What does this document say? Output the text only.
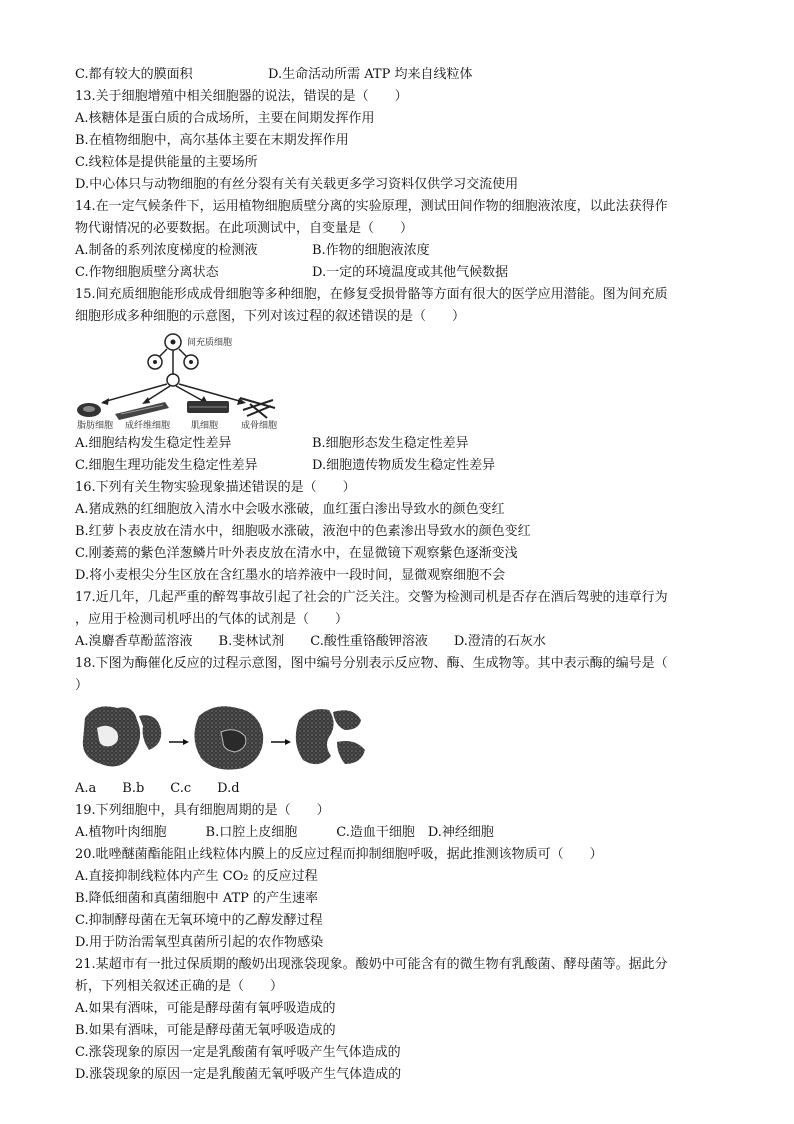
C.都有较大的膜面积	D.生命活动所需 ATP 均来自线粒体
13.关于细胞增殖中相关细胞器的说法，错误的是（　　）
A.核糖体是蛋白质的合成场所，主要在间期发挥作用
B.在植物细胞中，高尔基体主要在末期发挥作用
C.线粒体是提供能量的主要场所
D.中心体只与动物细胞的有丝分裂有关有关载更多学习资料仅供学习交流使用
14.在一定气候条件下，运用植物细胞质壁分离的实验原理，测试田间作物的细胞液浓度，以此法获得作
物代谢情况的必要数据。在此项测试中，自变量是（　　）
A.制备的系列浓度梯度的检测液	B.作物的细胞液浓度
C.作物细胞质壁分离状态	D.一定的环境温度或其他气候数据
15.间充质细胞能形成成骨细胞等多种细胞，在修复受损骨骼等方面有很大的医学应用潜能。图为间充质
细胞形成多种细胞的示意图，下列对该过程的叙述错误的是（　　）
间充质细胞
脂肪细胞 成纤维细胞 肌细胞	成骨细胞
A.细胞结构发生稳定性差异	B.细胞形态发生稳定性差异
C.细胞生理功能发生稳定性差异	D.细胞遗传物质发生稳定性差异
16.下列有关生物实验现象描述错误的是（　　）
A.猪成熟的红细胞放入清水中会吸水涨破，血红蛋白渗出导致水的颜色变红
B.红萝卜表皮放在清水中，细胞吸水涨破，液泡中的色素渗出导致水的颜色变红
C.刚萎蔫的紫色洋葱鳞片叶外表皮放在清水中，在显微镜下观察紫色逐渐变浅
D.将小麦根尖分生区放在含红墨水的培养液中一段时间，显微观察细胞不会
17.近几年，几起严重的醉驾事故引起了社会的广泛关注。交警为检测司机是否存在酒后驾驶的违章行为
，应用于检测司机呼出的气体的试剂是（　　）
A.溴麝香草酚蓝溶液　　B.斐林试剂　　C.酸性重铬酸钾溶液　　D.澄清的石灰水
18.下图为酶催化反应的过程示意图，图中编号分别表示反应物、酶、生成物等。其中表示酶的编号是（
）
A.a　　B.b　　C.c　　D.d
19.下列细胞中，具有细胞周期的是（　　）
A.植物叶肉细胞　　　B.口腔上皮细胞　　　C.造血干细胞　D.神经细胞
20.吡唑醚菌酯能阻止线粒体内膜上的反应过程而抑制细胞呼吸，据此推测该物质可（　　）
A.直接抑制线粒体内产生 CO₂ 的反应过程
B.降低细菌和真菌细胞中 ATP 的产生速率
C.抑制酵母菌在无氧环境中的乙醇发酵过程
D.用于防治需氧型真菌所引起的农作物感染
21.某超市有一批过保质期的酸奶出现涨袋现象。酸奶中可能含有的微生物有乳酸菌、酵母菌等。据此分
析，下列相关叙述正确的是（　　）
A.如果有酒味，可能是酵母菌有氧呼吸造成的
B.如果有酒味，可能是酵母菌无氧呼吸造成的
C.涨袋现象的原因一定是乳酸菌有氧呼吸产生气体造成的
D.涨袋现象的原因一定是乳酸菌无氧呼吸产生气体造成的
